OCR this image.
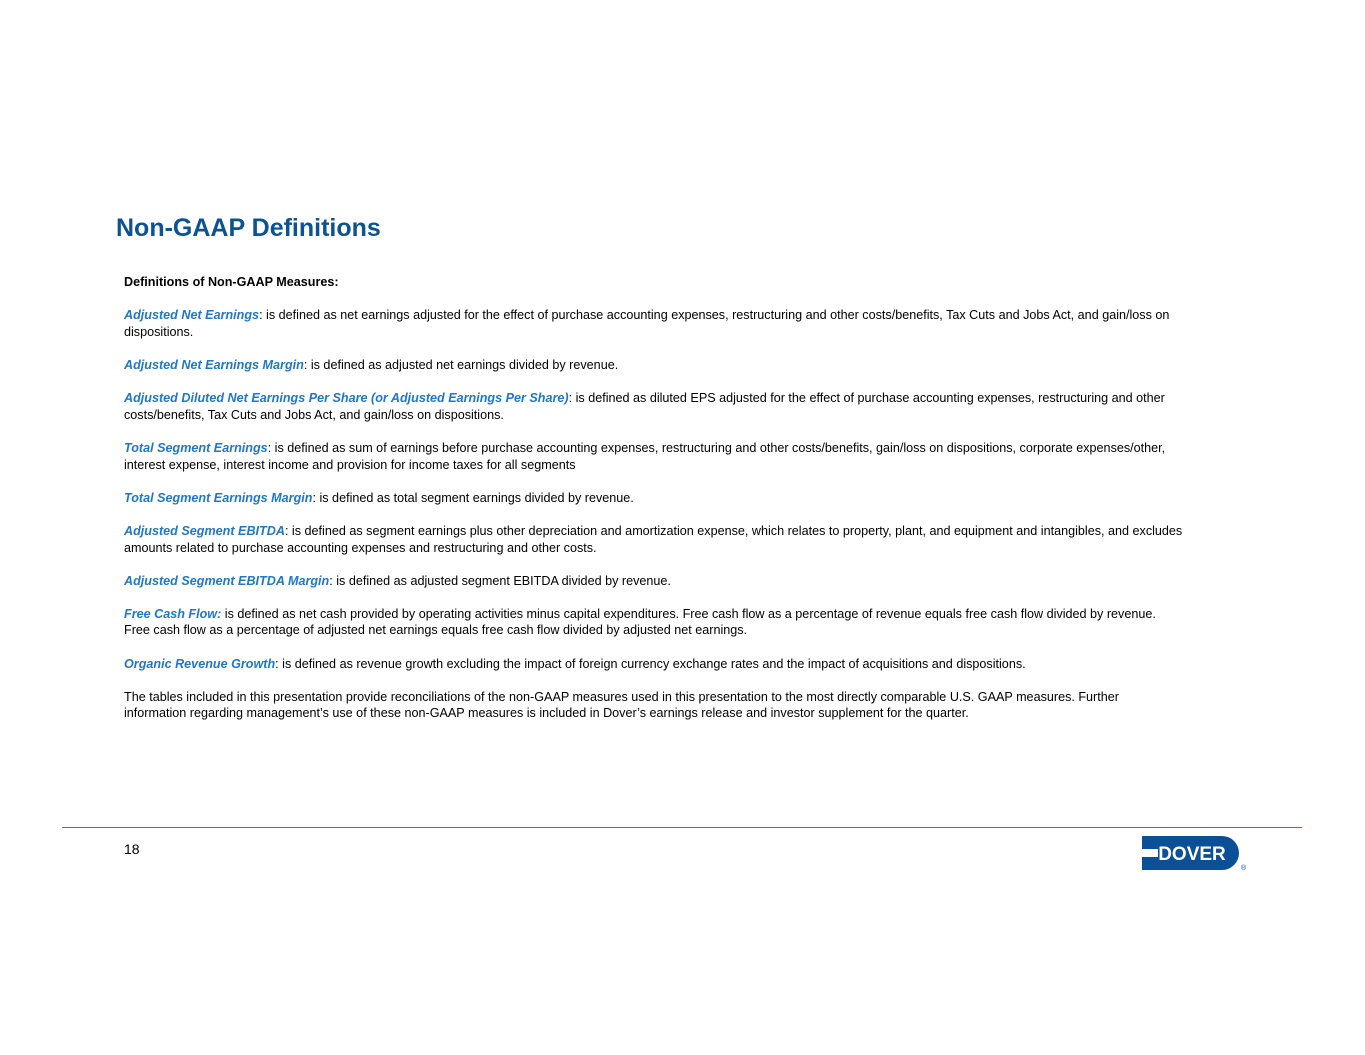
Non-GAAP Definitions

Definitions of Non-GAAP Measures:

Adjusted Net Earnings: is defined as net earnings adjusted for the effect of purchase accounting expenses, restructuring and other costs/benefits, Tax Cuts and Jobs Act, and gain/loss on dispositions.

Adjusted Net Earnings Margin: is defined as adjusted net earnings divided by revenue.

Adjusted Diluted Net Earnings Per Share (or Adjusted Earnings Per Share): is defined as diluted EPS adjusted for the effect of purchase accounting expenses, restructuring and other costs/benefits, Tax Cuts and Jobs Act, and gain/loss on dispositions.

Total Segment Earnings: is defined as sum of earnings before purchase accounting expenses, restructuring and other costs/benefits, gain/loss on dispositions, corporate expenses/other, interest expense, interest income and provision for income taxes for all segments

Total Segment Earnings Margin: is defined as total segment earnings divided by revenue.

Adjusted Segment EBITDA: is defined as segment earnings plus other depreciation and amortization expense, which relates to property, plant, and equipment and intangibles, and excludes amounts related to purchase accounting expenses and restructuring and other costs.

Adjusted Segment EBITDA Margin: is defined as adjusted segment EBITDA divided by revenue.

Free Cash Flow: is defined as net cash provided by operating activities minus capital expenditures. Free cash flow as a percentage of revenue equals free cash flow divided by revenue. Free cash flow as a percentage of adjusted net earnings equals free cash flow divided by adjusted net earnings.

Organic Revenue Growth: is defined as revenue growth excluding the impact of foreign currency exchange rates and the impact of acquisitions and dispositions.

The tables included in this presentation provide reconciliations of the non-GAAP measures used in this presentation to the most directly comparable U.S. GAAP measures. Further information regarding management’s use of these non-GAAP measures is included in Dover’s earnings release and investor supplement for the quarter.

18	DOVER
®
